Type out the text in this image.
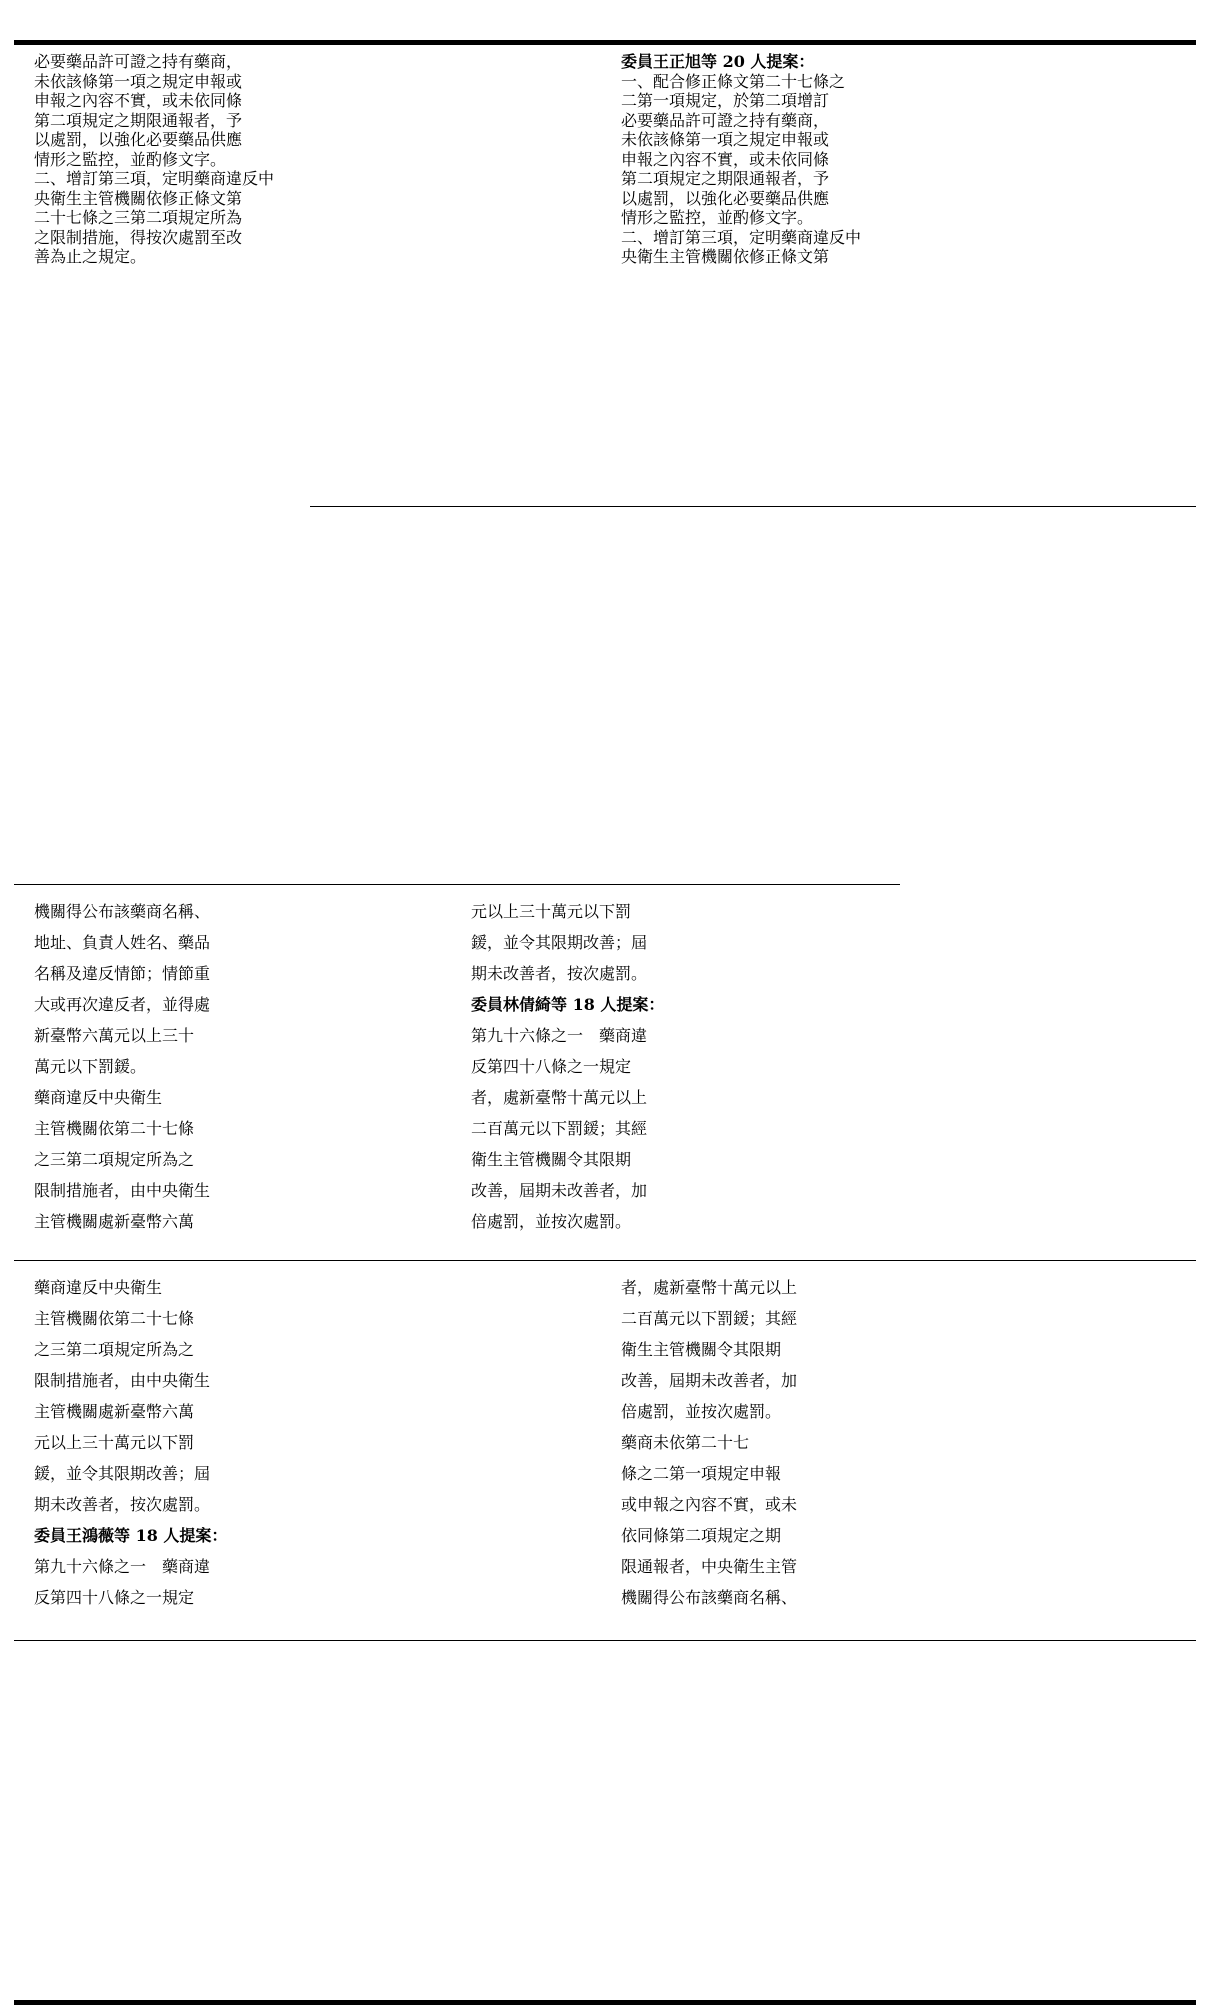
必要藥品許可證之持有藥商，
未依該條第一項之規定申報或
申報之內容不實，或未依同條
第二項規定之期限通報者，予
以處罰，以強化必要藥品供應
情形之監控，並酌修文字。
二、增訂第三項，定明藥商違反中
央衛生主管機關依修正條文第
二十七條之三第二項規定所為
之限制措施，得按次處罰至改
善為止之規定。
委員王正旭等 20 人提案：
一、配合修正條文第二十七條之
二第一項規定，於第二項增訂
必要藥品許可證之持有藥商，
未依該條第一項之規定申報或
申報之內容不實，或未依同條
第二項規定之期限通報者，予
以處罰，以強化必要藥品供應
情形之監控，並酌修文字。
二、增訂第三項，定明藥商違反中
央衛生主管機關依修正條文第
機關得公布該藥商名稱、
地址、負責人姓名、藥品
名稱及違反情節；情節重
大或再次違反者，並得處
新臺幣六萬元以上三十
萬元以下罰鍰。
藥商違反中央衛生
主管機關依第二十七條
之三第二項規定所為之
限制措施者，由中央衛生
主管機關處新臺幣六萬
元以上三十萬元以下罰
鍰，並令其限期改善；屆
期未改善者，按次處罰。
委員林倩綺等 18 人提案：
第九十六條之一　藥商違
反第四十八條之一規定
者，處新臺幣十萬元以上
二百萬元以下罰鍰；其經
衛生主管機關令其限期
改善，屆期未改善者，加
倍處罰，並按次處罰。
藥商違反中央衛生
主管機關依第二十七條
之三第二項規定所為之
限制措施者，由中央衛生
主管機關處新臺幣六萬
元以上三十萬元以下罰
鍰，並令其限期改善；屆
期未改善者，按次處罰。
委員王鴻薇等 18 人提案：
第九十六條之一　藥商違
反第四十八條之一規定
者，處新臺幣十萬元以上
二百萬元以下罰鍰；其經
衛生主管機關令其限期
改善，屆期未改善者，加
倍處罰，並按次處罰。
藥商未依第二十七
條之二第一項規定申報
或申報之內容不實，或未
依同條第二項規定之期
限通報者，中央衛生主管
機關得公布該藥商名稱、
